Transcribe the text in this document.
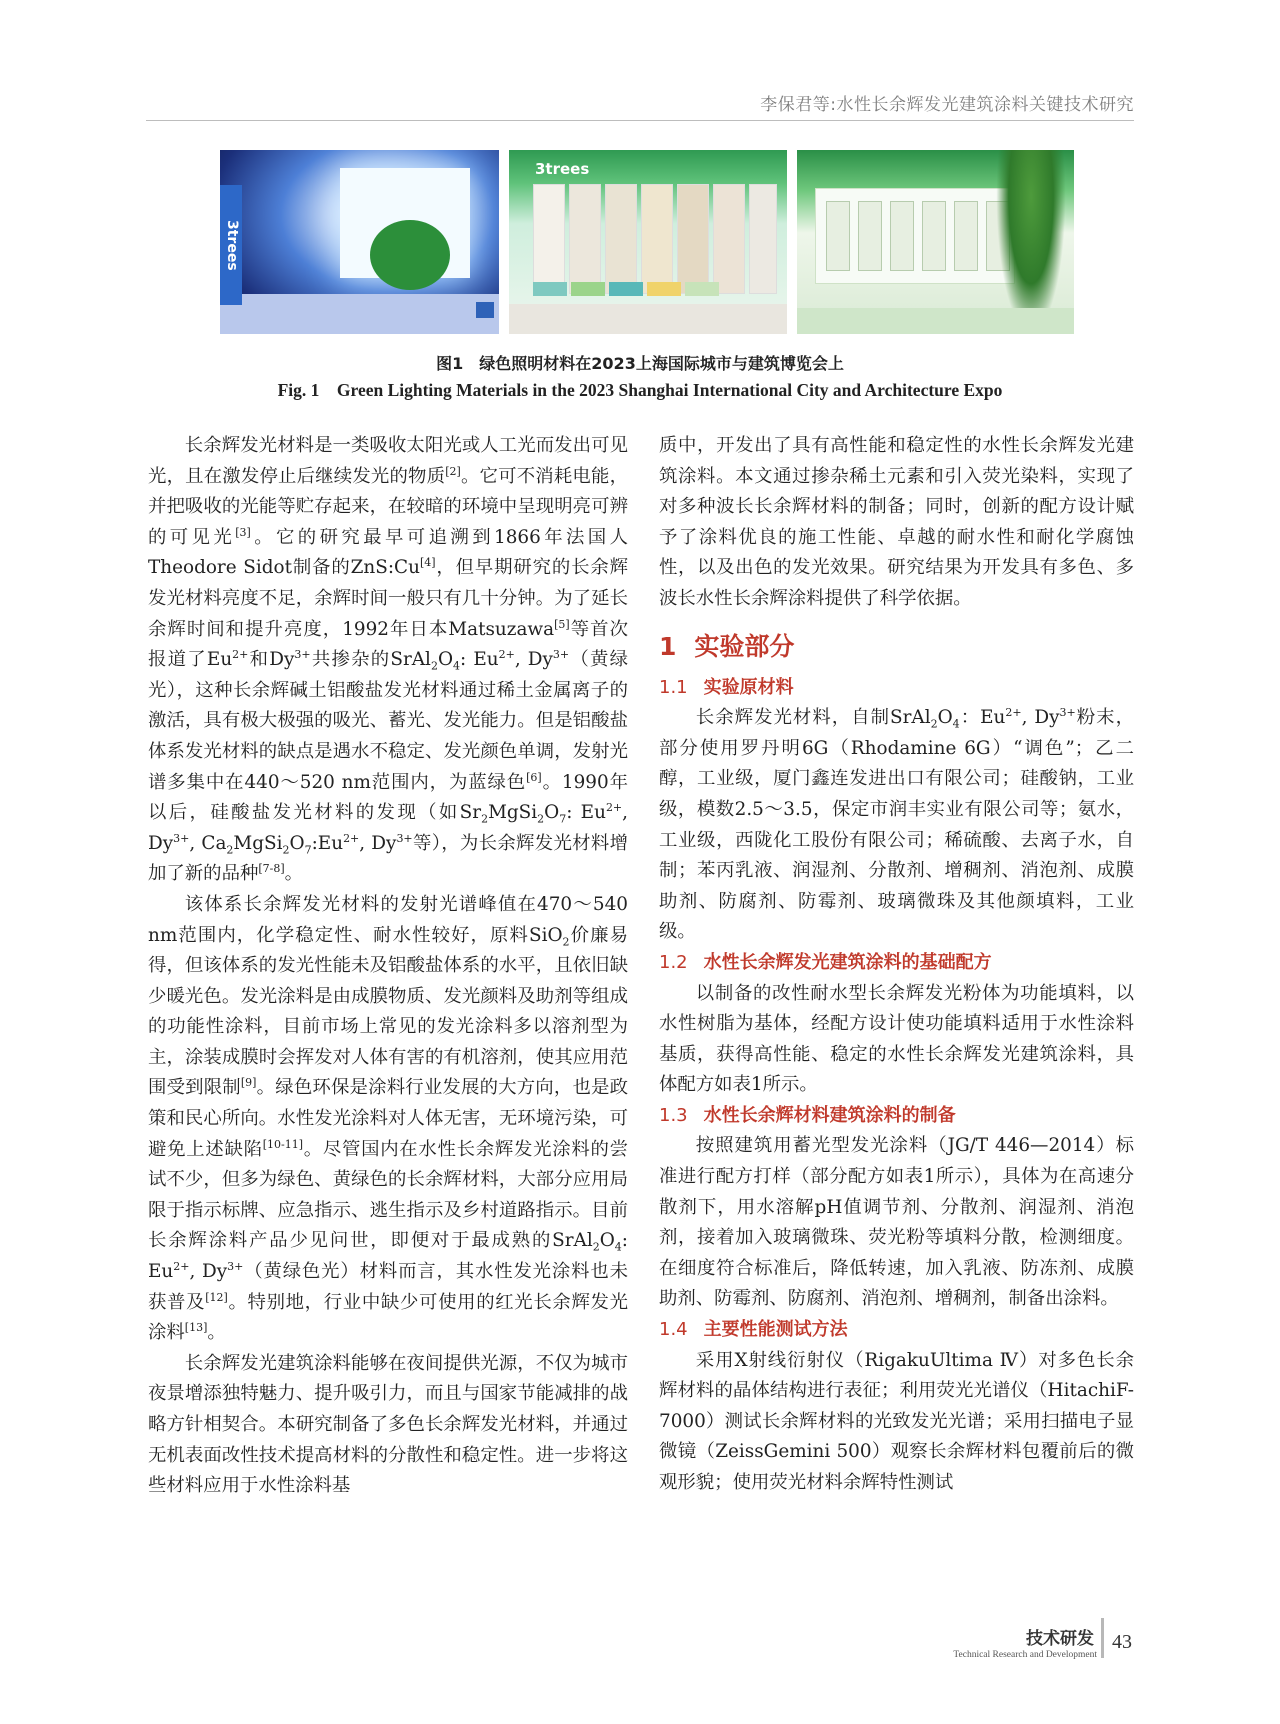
李保君等:水性长余辉发光建筑涂料关键技术研究
3trees
3trees
图1　绿色照明材料在2023上海国际城市与建筑博览会上
Fig. 1　Green Lighting Materials in the 2023 Shanghai International City and Architecture Expo

长余辉发光材料是一类吸收太阳光或人工光而发出可见光，且在激发停止后继续发光的物质[2]。它可不消耗电能，并把吸收的光能等贮存起来，在较暗的环境中呈现明亮可辨的可见光[3]。它的研究最早可追溯到1866年法国人Theodore Sidot制备的ZnS:Cu[4]，但早期研究的长余辉发光材料亮度不足，余辉时间一般只有几十分钟。为了延长余辉时间和提升亮度，1992年日本Matsuzawa[5]等首次报道了$Eu^{2+}$和$Dy^{3+}$共掺杂的$SrAl_2O_4$: $Eu^{2+}$, $Dy^{3+}$（黄绿光），这种长余辉碱土铝酸盐发光材料通过稀土金属离子的激活，具有极大极强的吸光、蓄光、发光能力。但是铝酸盐体系发光材料的缺点是遇水不稳定、发光颜色单调，发射光谱多集中在440～520 nm范围内，为蓝绿色[6]。1990年以后，硅酸盐发光材料的发现（如$Sr_2MgSi_2O_7$: $Eu^{2+}$, $Dy^{3+}$, $Ca_2MgSi_2O_7:Eu^{2+}$, $Dy^{3+}$等），为长余辉发光材料增加了新的品种[7-8]。

该体系长余辉发光材料的发射光谱峰值在470～540 nm范围内，化学稳定性、耐水性较好，原料SiO$_2$价廉易得，但该体系的发光性能未及铝酸盐体系的水平，且依旧缺少暖光色。发光涂料是由成膜物质、发光颜料及助剂等组成的功能性涂料，目前市场上常见的发光涂料多以溶剂型为主，涂装成膜时会挥发对人体有害的有机溶剂，使其应用范围受到限制[9]。绿色环保是涂料行业发展的大方向，也是政策和民心所向。水性发光涂料对人体无害，无环境污染，可避免上述缺陷[10-11]。尽管国内在水性长余辉发光涂料的尝试不少，但多为绿色、黄绿色的长余辉材料，大部分应用局限于指示标牌、应急指示、逃生指示及乡村道路指示。目前长余辉涂料产品少见问世，即便对于最成熟的$SrAl_2O_4$: $Eu^{2+}$, $Dy^{3+}$（黄绿色光）材料而言，其水性发光涂料也未获普及[12]。特别地，行业中缺少可使用的红光长余辉发光涂料[13]。

长余辉发光建筑涂料能够在夜间提供光源，不仅为城市夜景增添独特魅力、提升吸引力，而且与国家节能减排的战略方针相契合。本研究制备了多色长余辉发光材料，并通过无机表面改性技术提高材料的分散性和稳定性。进一步将这些材料应用于水性涂料基

质中，开发出了具有高性能和稳定性的水性长余辉发光建筑涂料。本文通过掺杂稀土元素和引入荧光染料，实现了对多种波长长余辉材料的制备；同时，创新的配方设计赋予了涂料优良的施工性能、卓越的耐水性和耐化学腐蚀性，以及出色的发光效果。研究结果为开发具有多色、多波长水性长余辉涂料提供了科学依据。

1 实验部分
1.1 实验原材料

长余辉发光材料，自制$SrAl_2O_4$：$Eu^{2+}$, $Dy^{3+}$粉末，部分使用罗丹明6G（Rhodamine 6G）“调色”；乙二醇，工业级，厦门鑫连发进出口有限公司；硅酸钠，工业级，模数2.5～3.5，保定市润丰实业有限公司等；氨水，工业级，西陇化工股份有限公司；稀硫酸、去离子水，自制；苯丙乳液、润湿剂、分散剂、增稠剂、消泡剂、成膜助剂、防腐剂、防霉剂、玻璃微珠及其他颜填料，工业级。

1.2 水性长余辉发光建筑涂料的基础配方

以制备的改性耐水型长余辉发光粉体为功能填料，以水性树脂为基体，经配方设计使功能填料适用于水性涂料基质，获得高性能、稳定的水性长余辉发光建筑涂料，具体配方如表1所示。

1.3 水性长余辉材料建筑涂料的制备

按照建筑用蓄光型发光涂料（JG/T 446—2014）标准进行配方打样（部分配方如表1所示），具体为在高速分散剂下，用水溶解pH值调节剂、分散剂、润湿剂、消泡剂，接着加入玻璃微珠、荧光粉等填料分散，检测细度。在细度符合标准后，降低转速，加入乳液、防冻剂、成膜助剂、防霉剂、防腐剂、消泡剂、增稠剂，制备出涂料。

1.4 主要性能测试方法

采用X射线衍射仪（RigakuUltima Ⅳ）对多色长余辉材料的晶体结构进行表征；利用荧光光谱仪（HitachiF-7000）测试长余辉材料的光致发光光谱；采用扫描电子显微镜（ZeissGemini 500）观察长余辉材料包覆前后的微观形貌；使用荧光材料余辉特性测试

技术研发
Technical Research and Development
43
